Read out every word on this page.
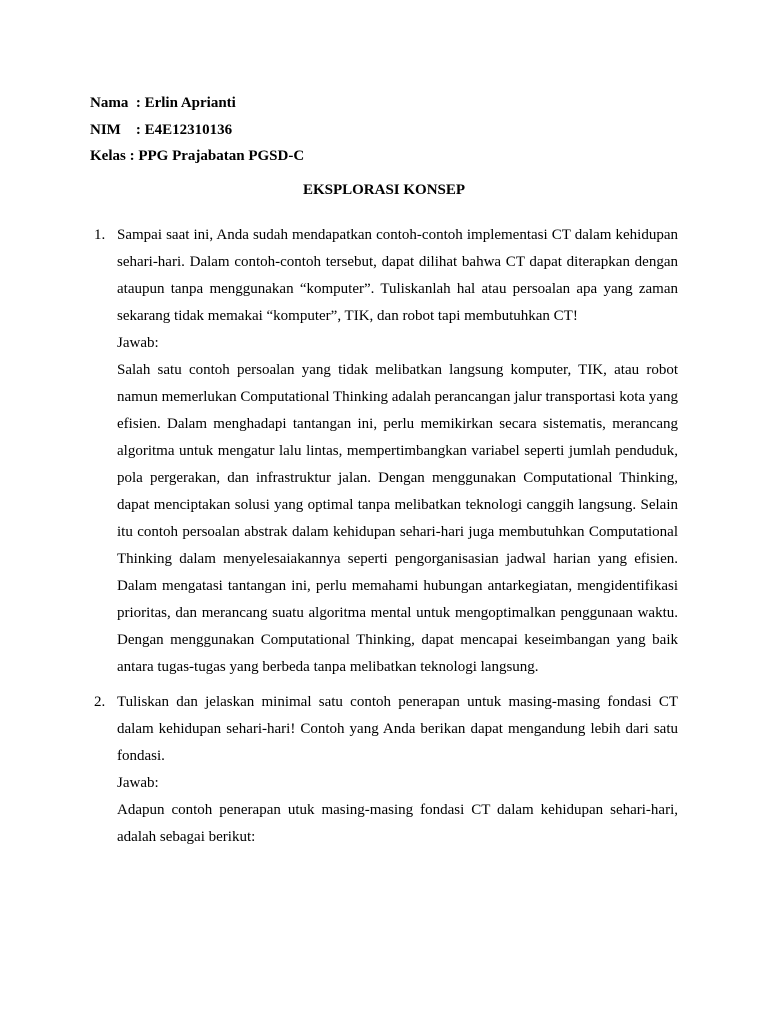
Nama  : Erlin Aprianti
NIM    : E4E12310136
Kelas : PPG Prajabatan PGSD-C
EKSPLORASI KONSEP
1. Sampai saat ini, Anda sudah mendapatkan contoh-contoh implementasi CT dalam kehidupan sehari-hari. Dalam contoh-contoh tersebut, dapat dilihat bahwa CT dapat diterapkan dengan ataupun tanpa menggunakan “komputer”. Tuliskanlah hal atau persoalan apa yang zaman sekarang tidak memakai “komputer”, TIK, dan robot tapi membutuhkan CT!

Jawab:

Salah satu contoh persoalan yang tidak melibatkan langsung komputer, TIK, atau robot namun memerlukan Computational Thinking adalah perancangan jalur transportasi kota yang efisien. Dalam menghadapi tantangan ini, perlu memikirkan secara sistematis, merancang algoritma untuk mengatur lalu lintas, mempertimbangkan variabel seperti jumlah penduduk, pola pergerakan, dan infrastruktur jalan. Dengan menggunakan Computational Thinking, dapat menciptakan solusi yang optimal tanpa melibatkan teknologi canggih langsung. Selain itu contoh persoalan abstrak dalam kehidupan sehari-hari juga membutuhkan Computational Thinking dalam menyelesaiakannya seperti pengorganisasian jadwal harian yang efisien. Dalam mengatasi tantangan ini, perlu memahami hubungan antarkegiatan, mengidentifikasi prioritas, dan merancang suatu algoritma mental untuk mengoptimalkan penggunaan waktu. Dengan menggunakan Computational Thinking, dapat mencapai keseimbangan yang baik antara tugas-tugas yang berbeda tanpa melibatkan teknologi langsung.

2. Tuliskan dan jelaskan minimal satu contoh penerapan untuk masing-masing fondasi CT dalam kehidupan sehari-hari! Contoh yang Anda berikan dapat mengandung lebih dari satu fondasi.

Jawab:

Adapun contoh penerapan utuk masing-masing fondasi CT dalam kehidupan sehari-hari, adalah sebagai berikut:
